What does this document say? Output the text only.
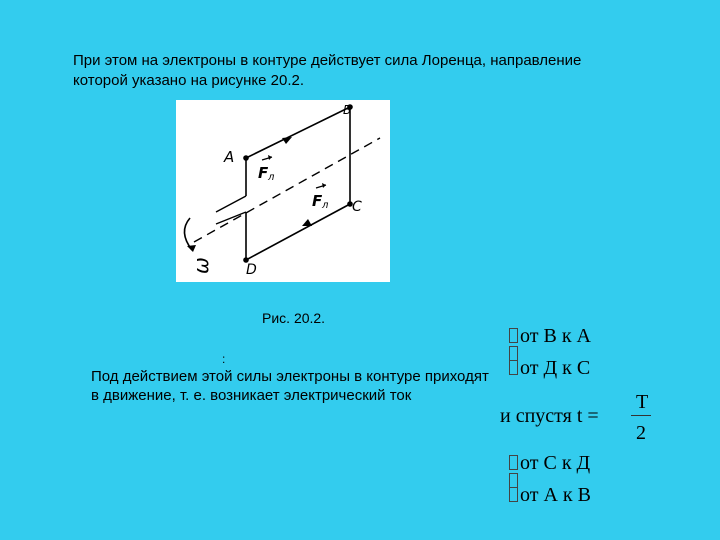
При этом на электроны в контуре действует сила Лоренца, направление которой указано на рисунке 20.2.

A
B
C
D
F л
F л
ω

Рис. 20.2.

:

Под действием этой силы электроны в контуре приходят в движение, т. е. возникает электрический ток

от В к А
от Д к С
и спустя t =
T
2
от С к Д
от А к В
